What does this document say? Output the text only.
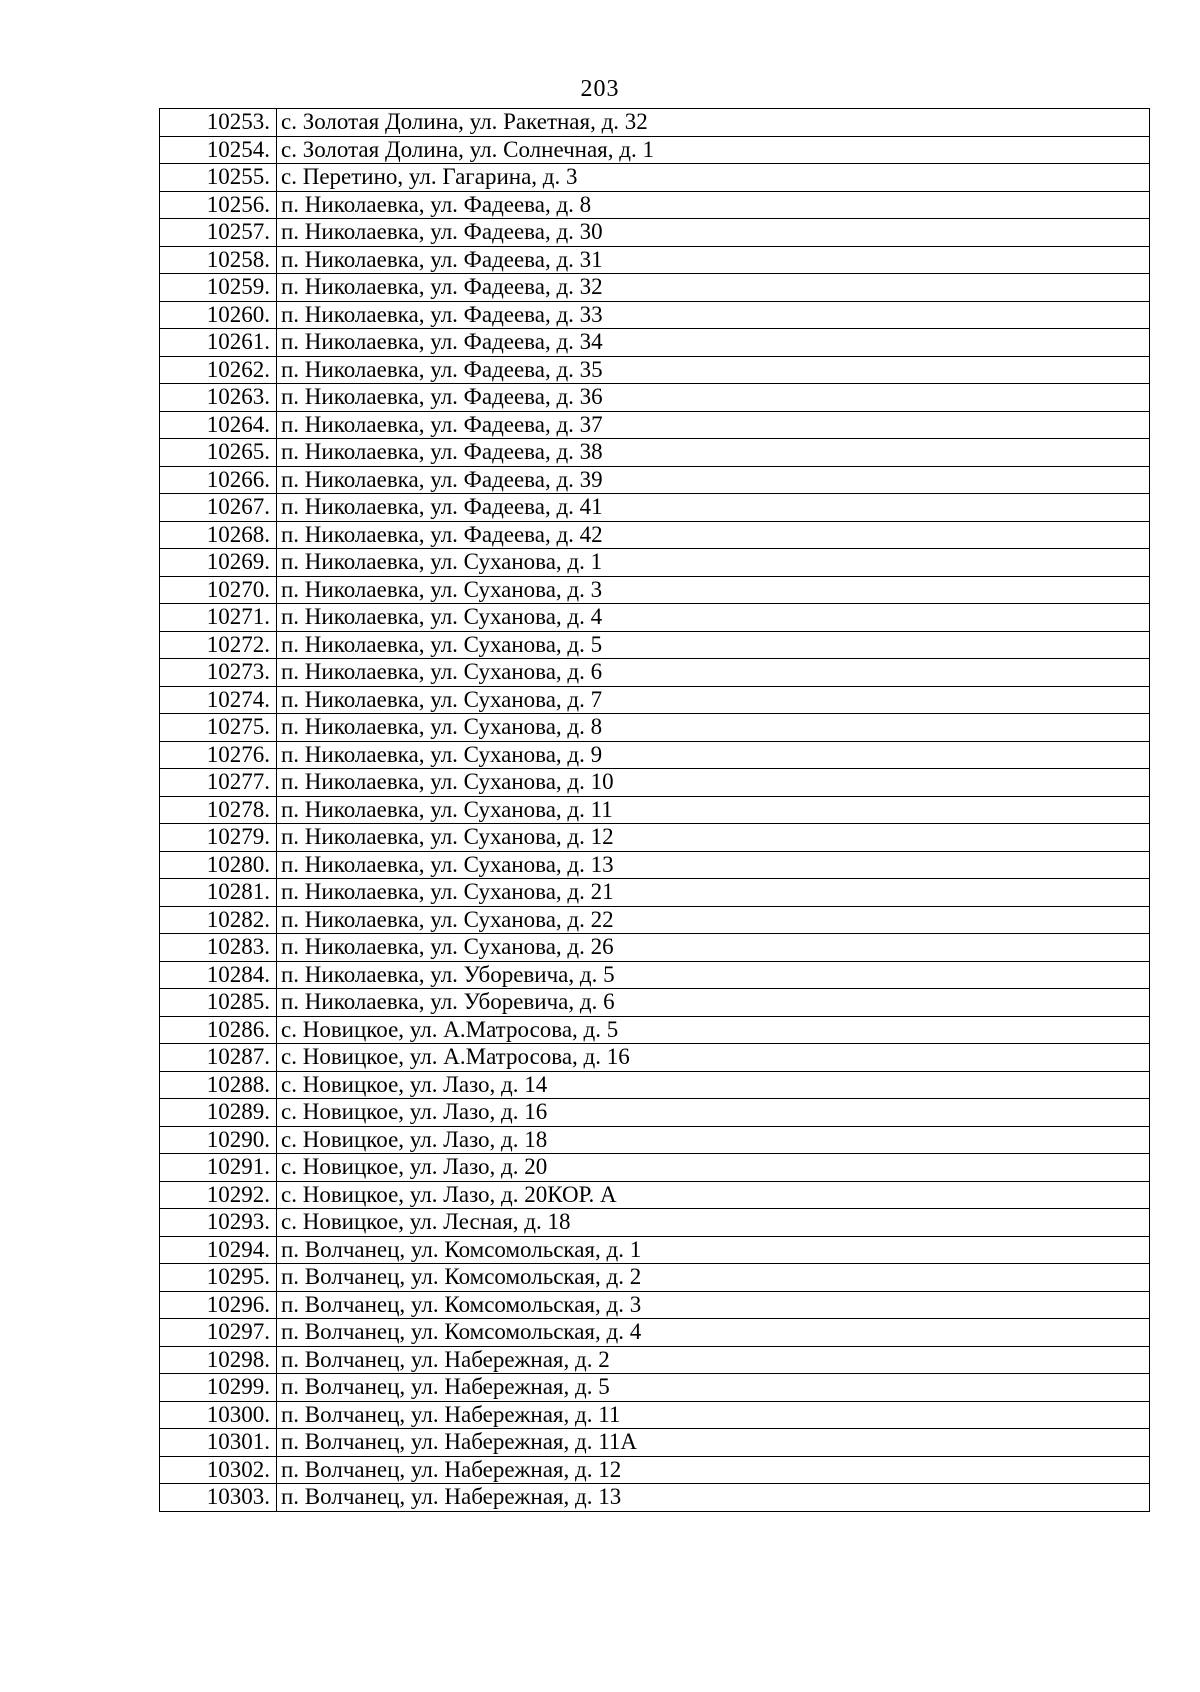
203
10253.	с. Золотая Долина, ул. Ракетная, д. 32
10254.	с. Золотая Долина, ул. Солнечная, д. 1
10255.	с. Перетино, ул. Гагарина, д. 3
10256.	п. Николаевка, ул. Фадеева, д. 8
10257.	п. Николаевка, ул. Фадеева, д. 30
10258.	п. Николаевка, ул. Фадеева, д. 31
10259.	п. Николаевка, ул. Фадеева, д. 32
10260.	п. Николаевка, ул. Фадеева, д. 33
10261.	п. Николаевка, ул. Фадеева, д. 34
10262.	п. Николаевка, ул. Фадеева, д. 35
10263.	п. Николаевка, ул. Фадеева, д. 36
10264.	п. Николаевка, ул. Фадеева, д. 37
10265.	п. Николаевка, ул. Фадеева, д. 38
10266.	п. Николаевка, ул. Фадеева, д. 39
10267.	п. Николаевка, ул. Фадеева, д. 41
10268.	п. Николаевка, ул. Фадеева, д. 42
10269.	п. Николаевка, ул. Суханова, д. 1
10270.	п. Николаевка, ул. Суханова, д. 3
10271.	п. Николаевка, ул. Суханова, д. 4
10272.	п. Николаевка, ул. Суханова, д. 5
10273.	п. Николаевка, ул. Суханова, д. 6
10274.	п. Николаевка, ул. Суханова, д. 7
10275.	п. Николаевка, ул. Суханова, д. 8
10276.	п. Николаевка, ул. Суханова, д. 9
10277.	п. Николаевка, ул. Суханова, д. 10
10278.	п. Николаевка, ул. Суханова, д. 11
10279.	п. Николаевка, ул. Суханова, д. 12
10280.	п. Николаевка, ул. Суханова, д. 13
10281.	п. Николаевка, ул. Суханова, д. 21
10282.	п. Николаевка, ул. Суханова, д. 22
10283.	п. Николаевка, ул. Суханова, д. 26
10284.	п. Николаевка, ул. Уборевича, д. 5
10285.	п. Николаевка, ул. Уборевича, д. 6
10286.	с. Новицкое, ул. А.Матросова, д. 5
10287.	с. Новицкое, ул. А.Матросова, д. 16
10288.	с. Новицкое, ул. Лазо, д. 14
10289.	с. Новицкое, ул. Лазо, д. 16
10290.	с. Новицкое, ул. Лазо, д. 18
10291.	с. Новицкое, ул. Лазо, д. 20
10292.	с. Новицкое, ул. Лазо, д. 20КОР. А
10293.	с. Новицкое, ул. Лесная, д. 18
10294.	п. Волчанец, ул. Комсомольская, д. 1
10295.	п. Волчанец, ул. Комсомольская, д. 2
10296.	п. Волчанец, ул. Комсомольская, д. 3
10297.	п. Волчанец, ул. Комсомольская, д. 4
10298.	п. Волчанец, ул. Набережная, д. 2
10299.	п. Волчанец, ул. Набережная, д. 5
10300.	п. Волчанец, ул. Набережная, д. 11
10301.	п. Волчанец, ул. Набережная, д. 11А
10302.	п. Волчанец, ул. Набережная, д. 12
10303.	п. Волчанец, ул. Набережная, д. 13
